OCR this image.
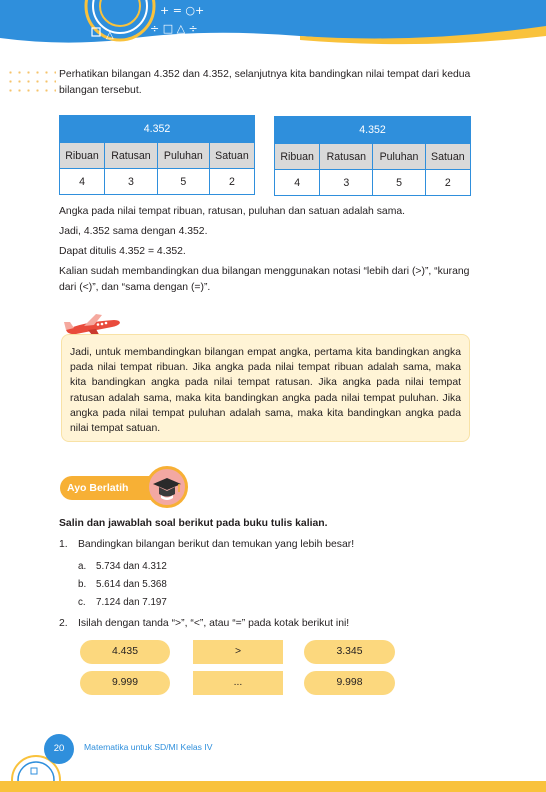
+ = ○+
÷ □ △ ÷
△
Perhatikan bilangan 4.352 dan 4.352, selanjutnya kita bandingkan nilai tempat dari kedua bilangan tersebut.
4.352			
Ribuan	Ratusan	Puluhan	Satuan
4	3	5	2
4.352			
Ribuan	Ratusan	Puluhan	Satuan
4	3	5	2
Angka pada nilai tempat ribuan, ratusan, puluhan dan satuan adalah sama.
Jadi, 4.352 sama dengan 4.352.
Dapat ditulis 4.352 = 4.352.
Kalian sudah membandingkan dua bilangan menggunakan notasi “lebih dari (>)”, “kurang dari (<)”, dan “sama dengan (=)”.
Jadi, untuk membandingkan bilangan empat angka, pertama kita bandingkan angka pada nilai tempat ribuan. Jika angka pada nilai tempat ribuan adalah sama, maka kita bandingkan angka pada nilai tempat ratusan. Jika angka pada nilai tempat ratusan adalah sama, maka kita bandingkan angka pada nilai tempat puluhan. Jika angka pada nilai tempat puluhan adalah sama, maka kita bandingkan angka pada nilai tempat satuan.
Ayo Berlatih
Salin dan jawablah soal berikut pada buku tulis kalian.
1. Bandingkan bilangan berikut dan temukan yang lebih besar!
a.	5.734 dan 4.312
b.	5.614 dan 5.368
c.	7.124 dan 7.197
2. Isilah dengan tanda “>”, “<”, atau “=” pada kotak berikut ini!
4.435	>	3.345
9.999	...	9.998
20	Matematika untuk SD/MI Kelas IV
